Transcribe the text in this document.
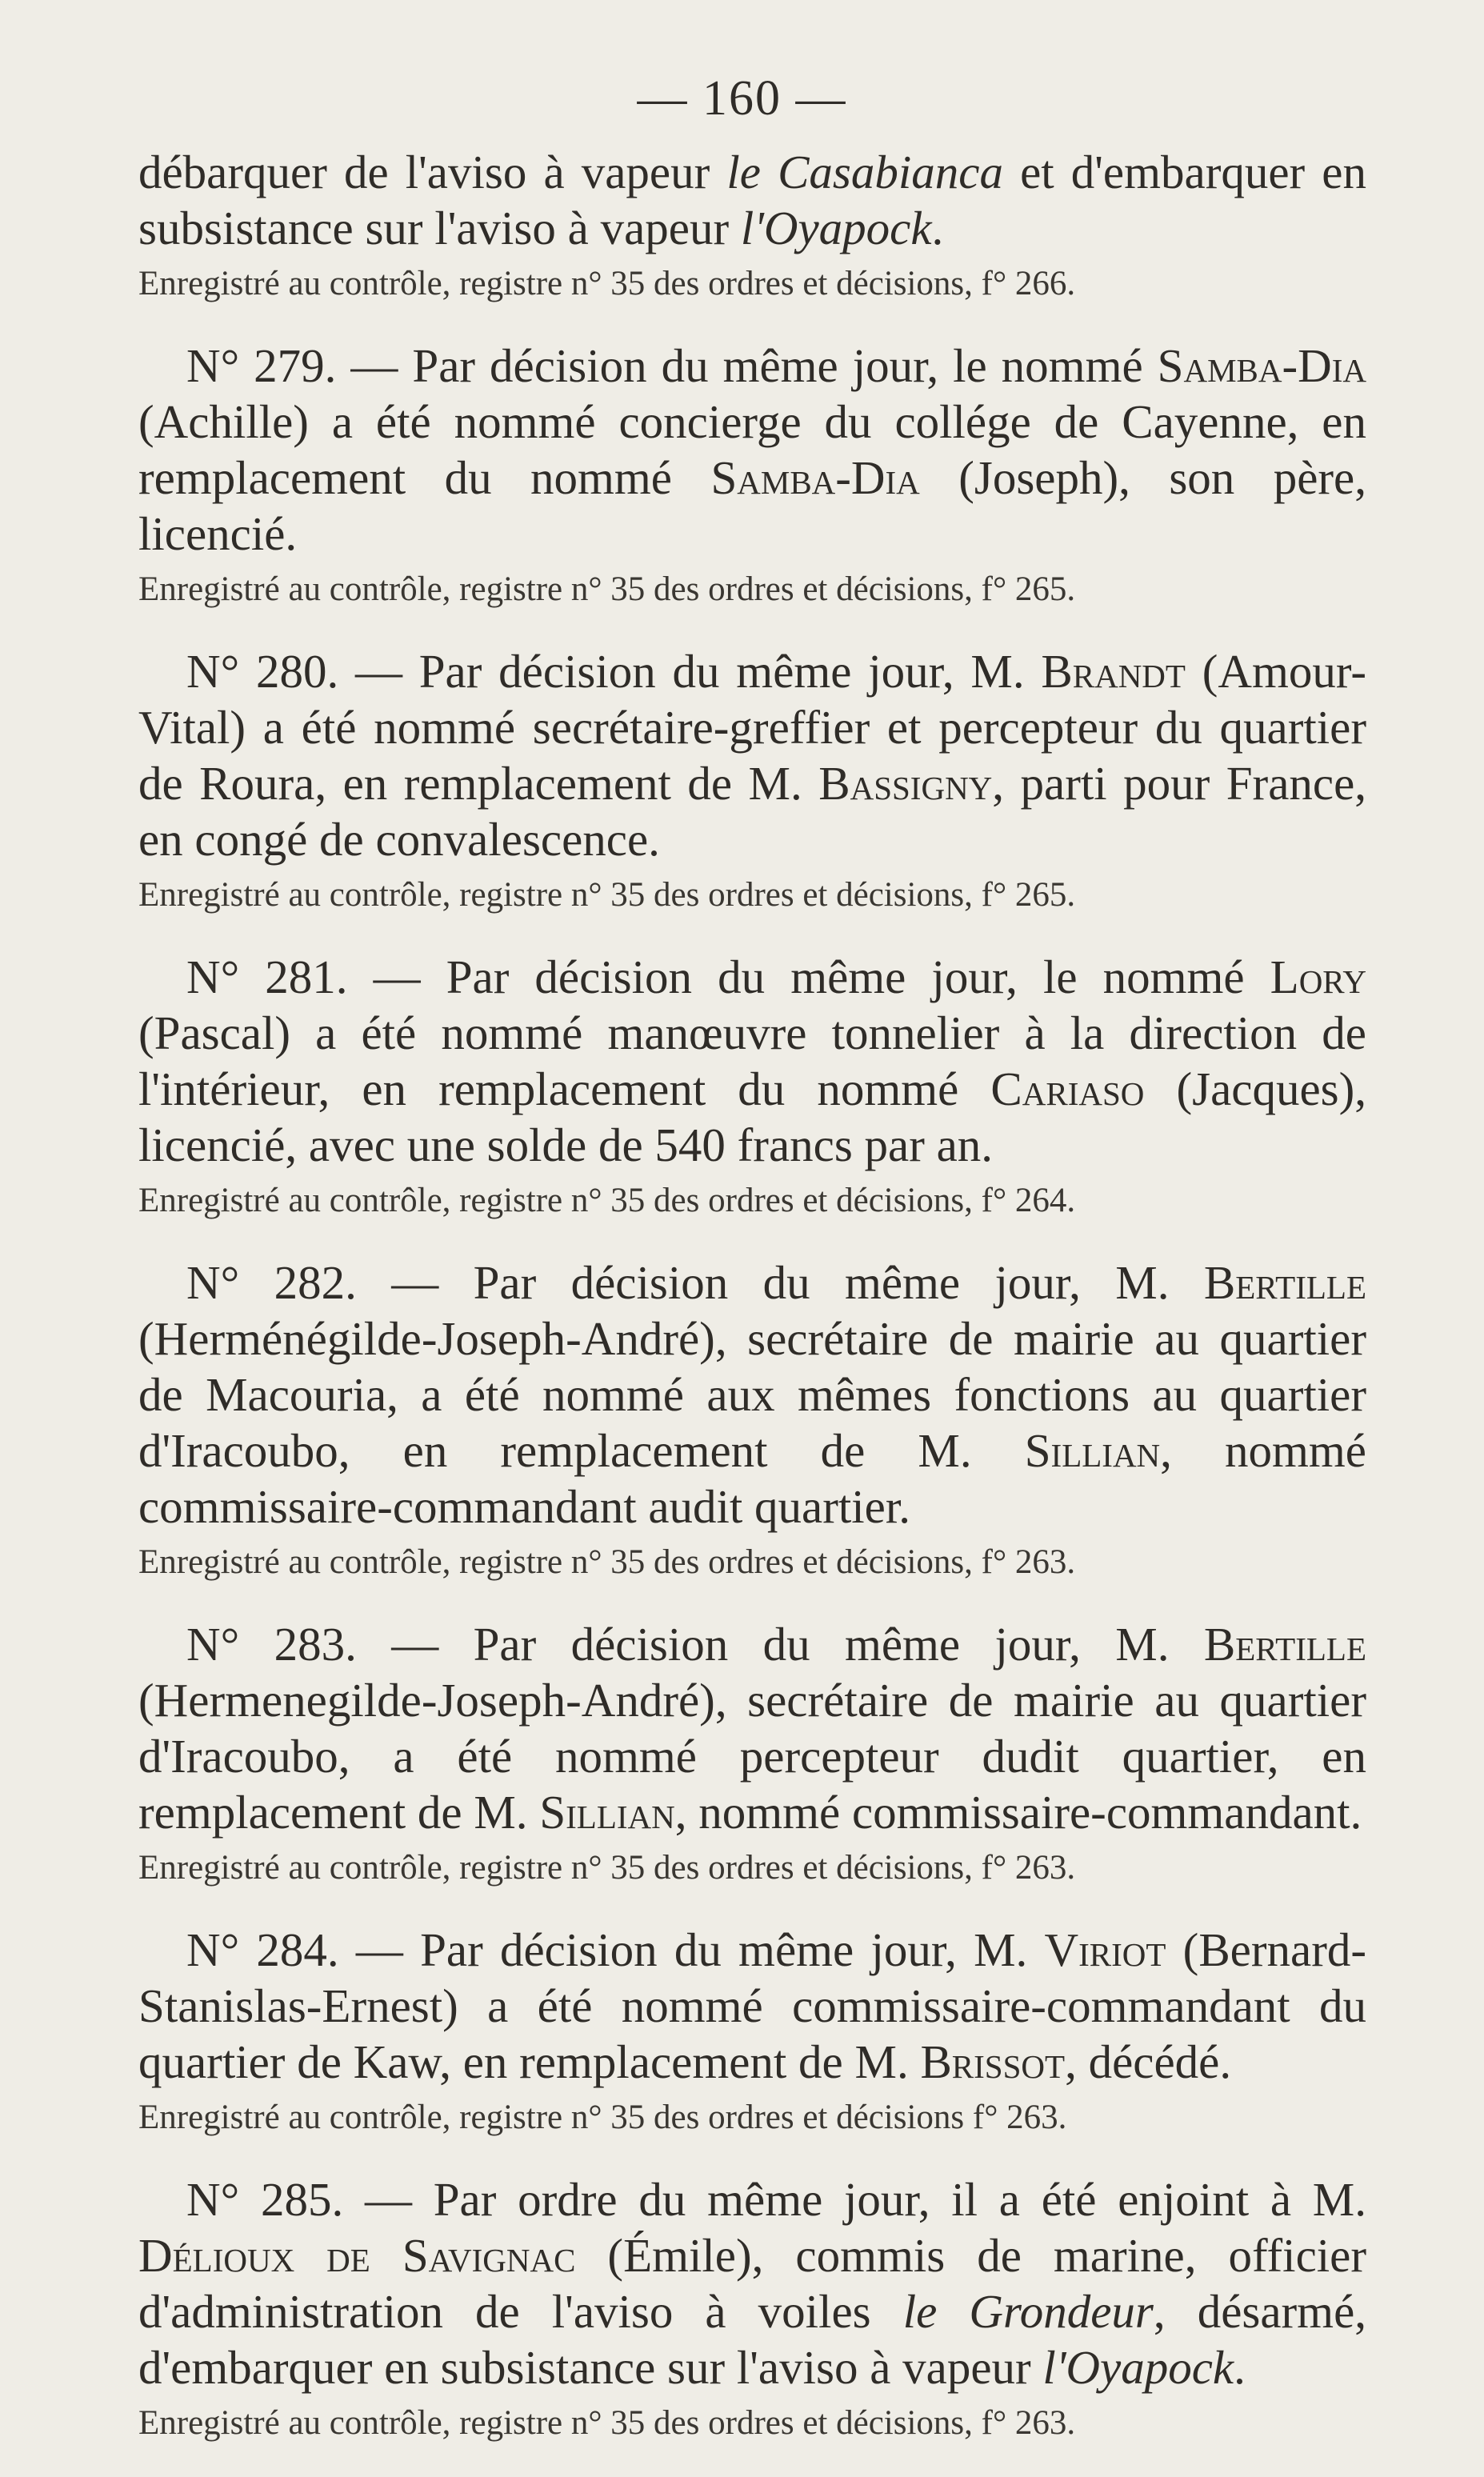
— 160 —

débarquer de l'aviso à vapeur le Casabianca et d'embarquer en subsistance sur l'aviso à vapeur l'Oyapock.

Enregistré au contrôle, registre n° 35 des ordres et décisions, f° 266.

N° 279. — Par décision du même jour, le nommé Samba-Dia (Achille) a été nommé concierge du collége de Cayenne, en remplacement du nommé Samba-Dia (Joseph), son père, licencié.

Enregistré au contrôle, registre n° 35 des ordres et décisions, f° 265.

N° 280. — Par décision du même jour, M. Brandt (Amour-Vital) a été nommé secrétaire-greffier et percepteur du quartier de Roura, en remplacement de M. Bassigny, parti pour France, en congé de convalescence.

Enregistré au contrôle, registre n° 35 des ordres et décisions, f° 265.

N° 281. — Par décision du même jour, le nommé Lory (Pascal) a été nommé manœuvre tonnelier à la direction de l'intérieur, en remplacement du nommé Cariaso (Jacques), licencié, avec une solde de 540 francs par an.

Enregistré au contrôle, registre n° 35 des ordres et décisions, f° 264.

N° 282. — Par décision du même jour, M. Bertille (Herménégilde-Joseph-André), secrétaire de mairie au quartier de Macouria, a été nommé aux mêmes fonctions au quartier d'Iracoubo, en remplacement de M. Sillian, nommé commissaire-commandant audit quartier.

Enregistré au contrôle, registre n° 35 des ordres et décisions, f° 263.

N° 283. — Par décision du même jour, M. Bertille (Hermenegilde-Joseph-André), secrétaire de mairie au quartier d'Iracoubo, a été nommé percepteur dudit quartier, en remplacement de M. Sillian, nommé commissaire-commandant.

Enregistré au contrôle, registre n° 35 des ordres et décisions, f° 263.

N° 284. — Par décision du même jour, M. Viriot (Bernard-Stanislas-Ernest) a été nommé commissaire-commandant du quartier de Kaw, en remplacement de M. Brissot, décédé.

Enregistré au contrôle, registre n° 35 des ordres et décisions f° 263.

N° 285. — Par ordre du même jour, il a été enjoint à M. Délioux de Savignac (Émile), commis de marine, officier d'administration de l'aviso à voiles le Grondeur, désarmé, d'embarquer en subsistance sur l'aviso à vapeur l'Oyapock.

Enregistré au contrôle, registre n° 35 des ordres et décisions, f° 263.
